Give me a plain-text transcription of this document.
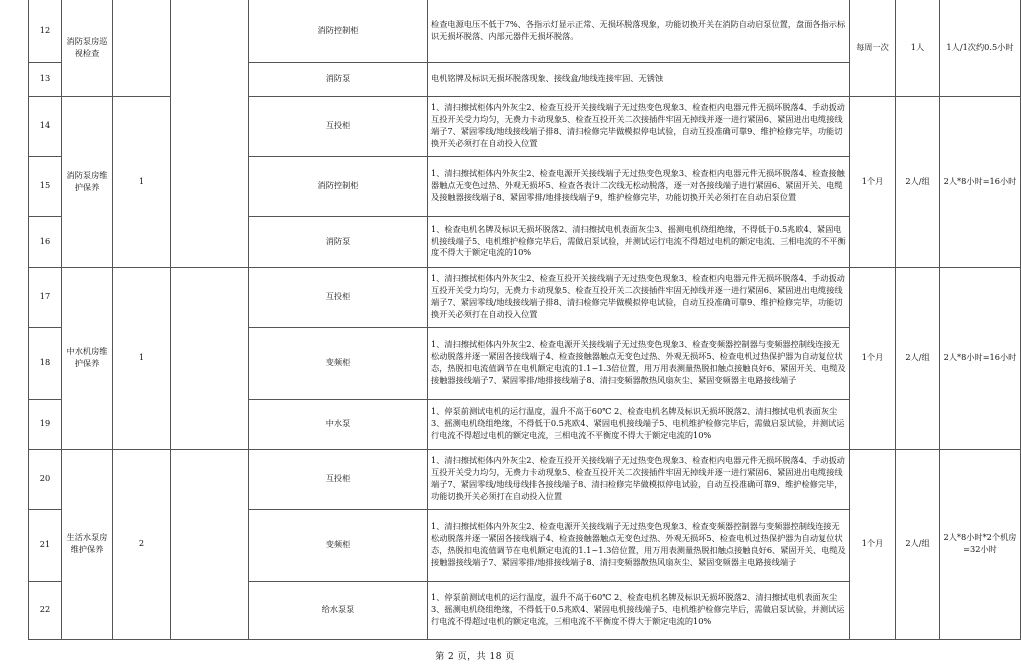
12	消防泵房巡视检查			消防控制柜	检查电源电压不低于7%、各指示灯显示正常、无损坏脱落现象，功能切换开关在消防自动启泵位置，盘面各指示标识无损坏脱落、内部元器件无损坏脱落。	每周一次	1人	1人/1次约0.5小时
13				消防泵	电机铭牌及标识无损坏脱落现象、接线盒/地线连接牢固、无锈蚀			
14	消防泵房维护保养	1		互投柜	1、清扫擦拭柜体内外灰尘2、检查互投开关接线端子无过热变色现象3、检查柜内电器元件无损坏脱落4、手动扳动互投开关受力均匀，无费力卡动现象5、检查互投开关二次接插件牢固无掉线并逐一进行紧固6、紧固进出电缆接线端子7、紧固零线/地线接线端子排8、清扫检修完毕做模拟停电试验，自动互投准确可靠9、维护检修完毕，功能切换开关必须打在自动投入位置	1个月	2人/组	2人*8小时=16小时
15				消防控制柜	1、清扫擦拭柜体内外灰尘2、检查电源开关接线端子无过热变色现象3、检查柜内电器元件无损坏脱落4、检查接触器触点无变色过热、外观无损坏5、检查各表计二次线无松动脱落，逐一对各接线端子进行紧固6、紧固开关、电缆及接触器接线端子8、紧固零排/地排接线端子9，维护检修完毕，功能切换开关必须打在自动启泵位置			
16				消防泵	1、检查电机名牌及标识无损坏脱落2、清扫擦拭电机表面灰尘3、摇测电机绕组绝缘，不得低于0.5兆欧4、紧固电机接线端子5、电机维护检修完毕后，需做启泵试验，并测试运行电流不得超过电机的额定电流、三相电流的不平衡度不得大于额定电流的10%			
17	中水机房维护保养	1		互投柜	1、清扫擦拭柜体内外灰尘2、检查互投开关接线端子无过热变色现象3、检查柜内电器元件无损坏脱落4、手动扳动互投开关受力均匀，无费力卡动现象5、检查互投开关二次接插件牢固无掉线并逐一进行紧固6、紧固进出电缆接线端子7、紧固零线/地线接线端子排8、清扫检修完毕做模拟停电试验，自动互投准确可靠9、维护检修完毕，功能切换开关必须打在自动投入位置	1个月	2人/组	2人*8小时=16小时
18				变频柜	1、清扫擦拭柜体内外灰尘2、检查电源开关接线端子无过热变色现象3、检查变频器控制器与变频器控制线连接无松动脱落并逐一紧固各接线端子4、检查接触器触点无变色过热、外观无损坏5、检查电机过热保护器为自动复位状态，热脱扣电流值调节在电机额定电流的1.1~1.3倍位置，用万用表测量热脱扣触点接触良好6、紧固开关、电缆及接触器接线端子7、紧固零排/地排接线端子8、清扫变频器散热风扇灰尘、紧固变频器主电路接线端子			
19				中水泵	1、停泵前测试电机的运行温度，温升不高于60℃ 2、检查电机名牌及标识无损坏脱落2、清扫擦拭电机表面灰尘3、摇测电机绕组绝缘，不得低于0.5兆欧4、紧固电机接线端子5、电机维护检修完毕后，需做启泵试验，并测试运行电流不得超过电机的额定电流，三相电流不平衡度不得大于额定电流的10%			
20	生活水泵房维护保养	2		互投柜	1、清扫擦拭柜体内外灰尘2、检查互投开关接线端子无过热变色现象3、检查柜内电器元件无损坏脱落4、手动扳动互投开关受力均匀，无费力卡动现象5、检查互投开关二次接插件牢固无掉线并逐一进行紧固6、紧固进出电缆接线端子7、紧固零线/地线母线排各接线端子8、清扫检修完毕做模拟停电试验，自动互投准确可靠9、维护检修完毕，功能切换开关必须打在自动投入位置	1个月	2人/组	2人*8小时*2个机房=32小时
21				变频柜	1、清扫擦拭柜体内外灰尘2、检查电源开关接线端子无过热变色现象3、检查变频器控制器与变频器控制线连接无松动脱落并逐一紧固各接线端子4、检查接触器触点无变色过热、外观无损坏5、检查电机过热保护器为自动复位状态，热脱扣电流值调节在电机额定电流的1.1~1.3倍位置，用万用表测量热脱扣触点接触良好6、紧固开关、电缆及接触器接线端子7、紧固零排/地排接线端子8、清扫变频器散热风扇灰尘、紧固变频器主电路接线端子			
22				给水泵泵	1、停泵前测试电机的运行温度，温升不高于60℃ 2、检查电机名牌及标识无损坏脱落2、清扫擦拭电机表面灰尘3、摇测电机绕组绝缘，不得低于0.5兆欧4、紧固电机接线端子5、电机维护检修完毕后，需做启泵试验，并测试运行电流不得超过电机的额定电流，三相电流不平衡度不得大于额定电流的10%			
第 2 页，共 18 页
